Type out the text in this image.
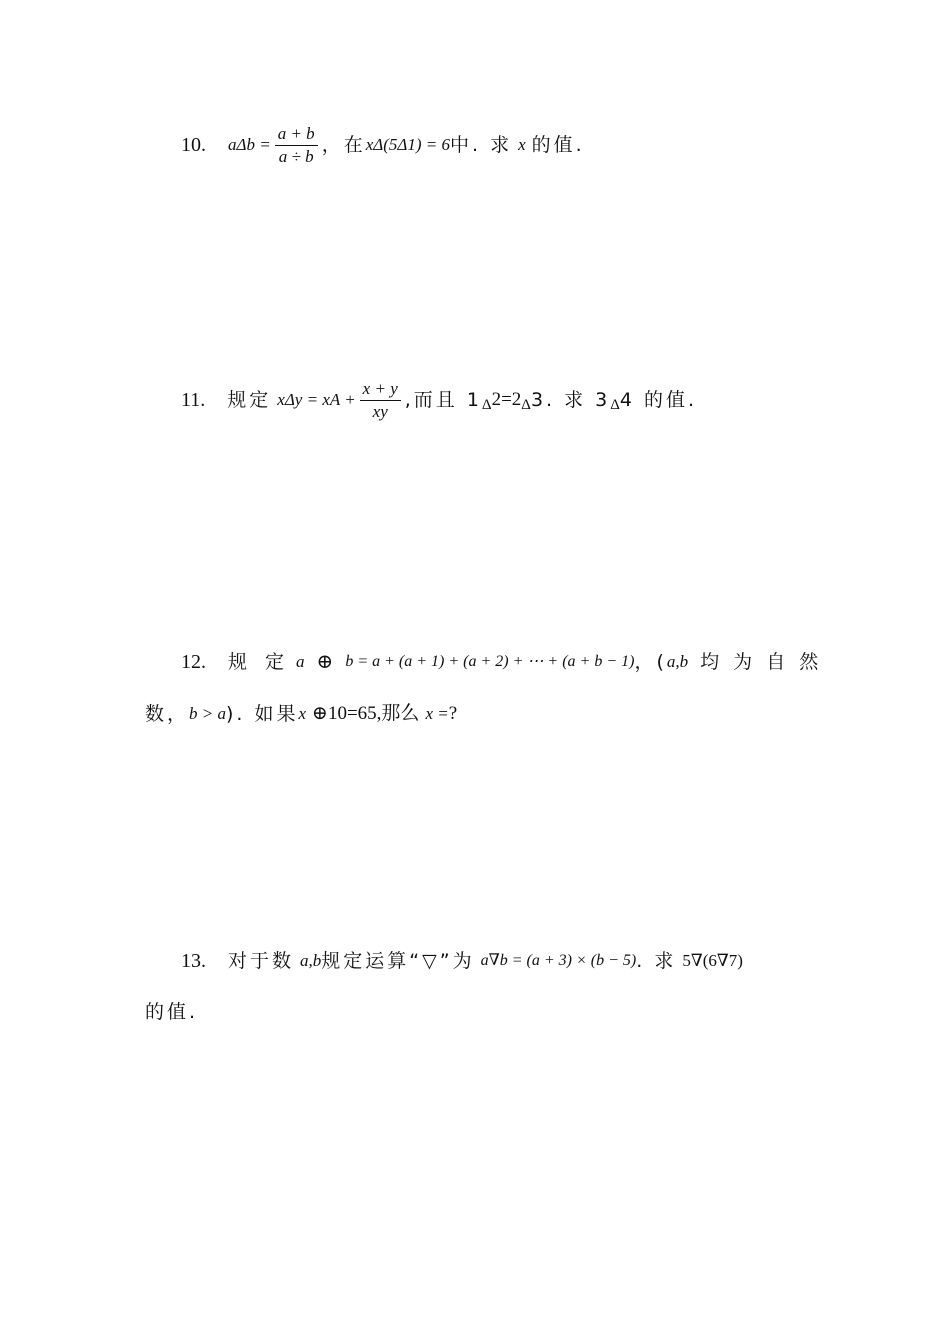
10. $a\Delta b = \frac{a + b}{a \div b}$ ，在 xΔ(5Δ1) = 6 中. 求 x 的值.
11. 规定 xΔy = xA + $\frac{x + y}{xy}$ ,而且 1 Δ 2=2 Δ 3. 求 3 Δ 4 的值.
12. 规 定 a ⊕ b = a + (a + 1) + (a + 2) + ⋯ + (a + b − 1) ，( a,b 均 为 自 然
数， b > a ). 如果 x ⊕10=65,那么 x = ?
13. 对于数 a,b 规定运算“▽”为 a∇b = (a + 3) × (b − 5) . 求 5∇(6∇7)
的值.
